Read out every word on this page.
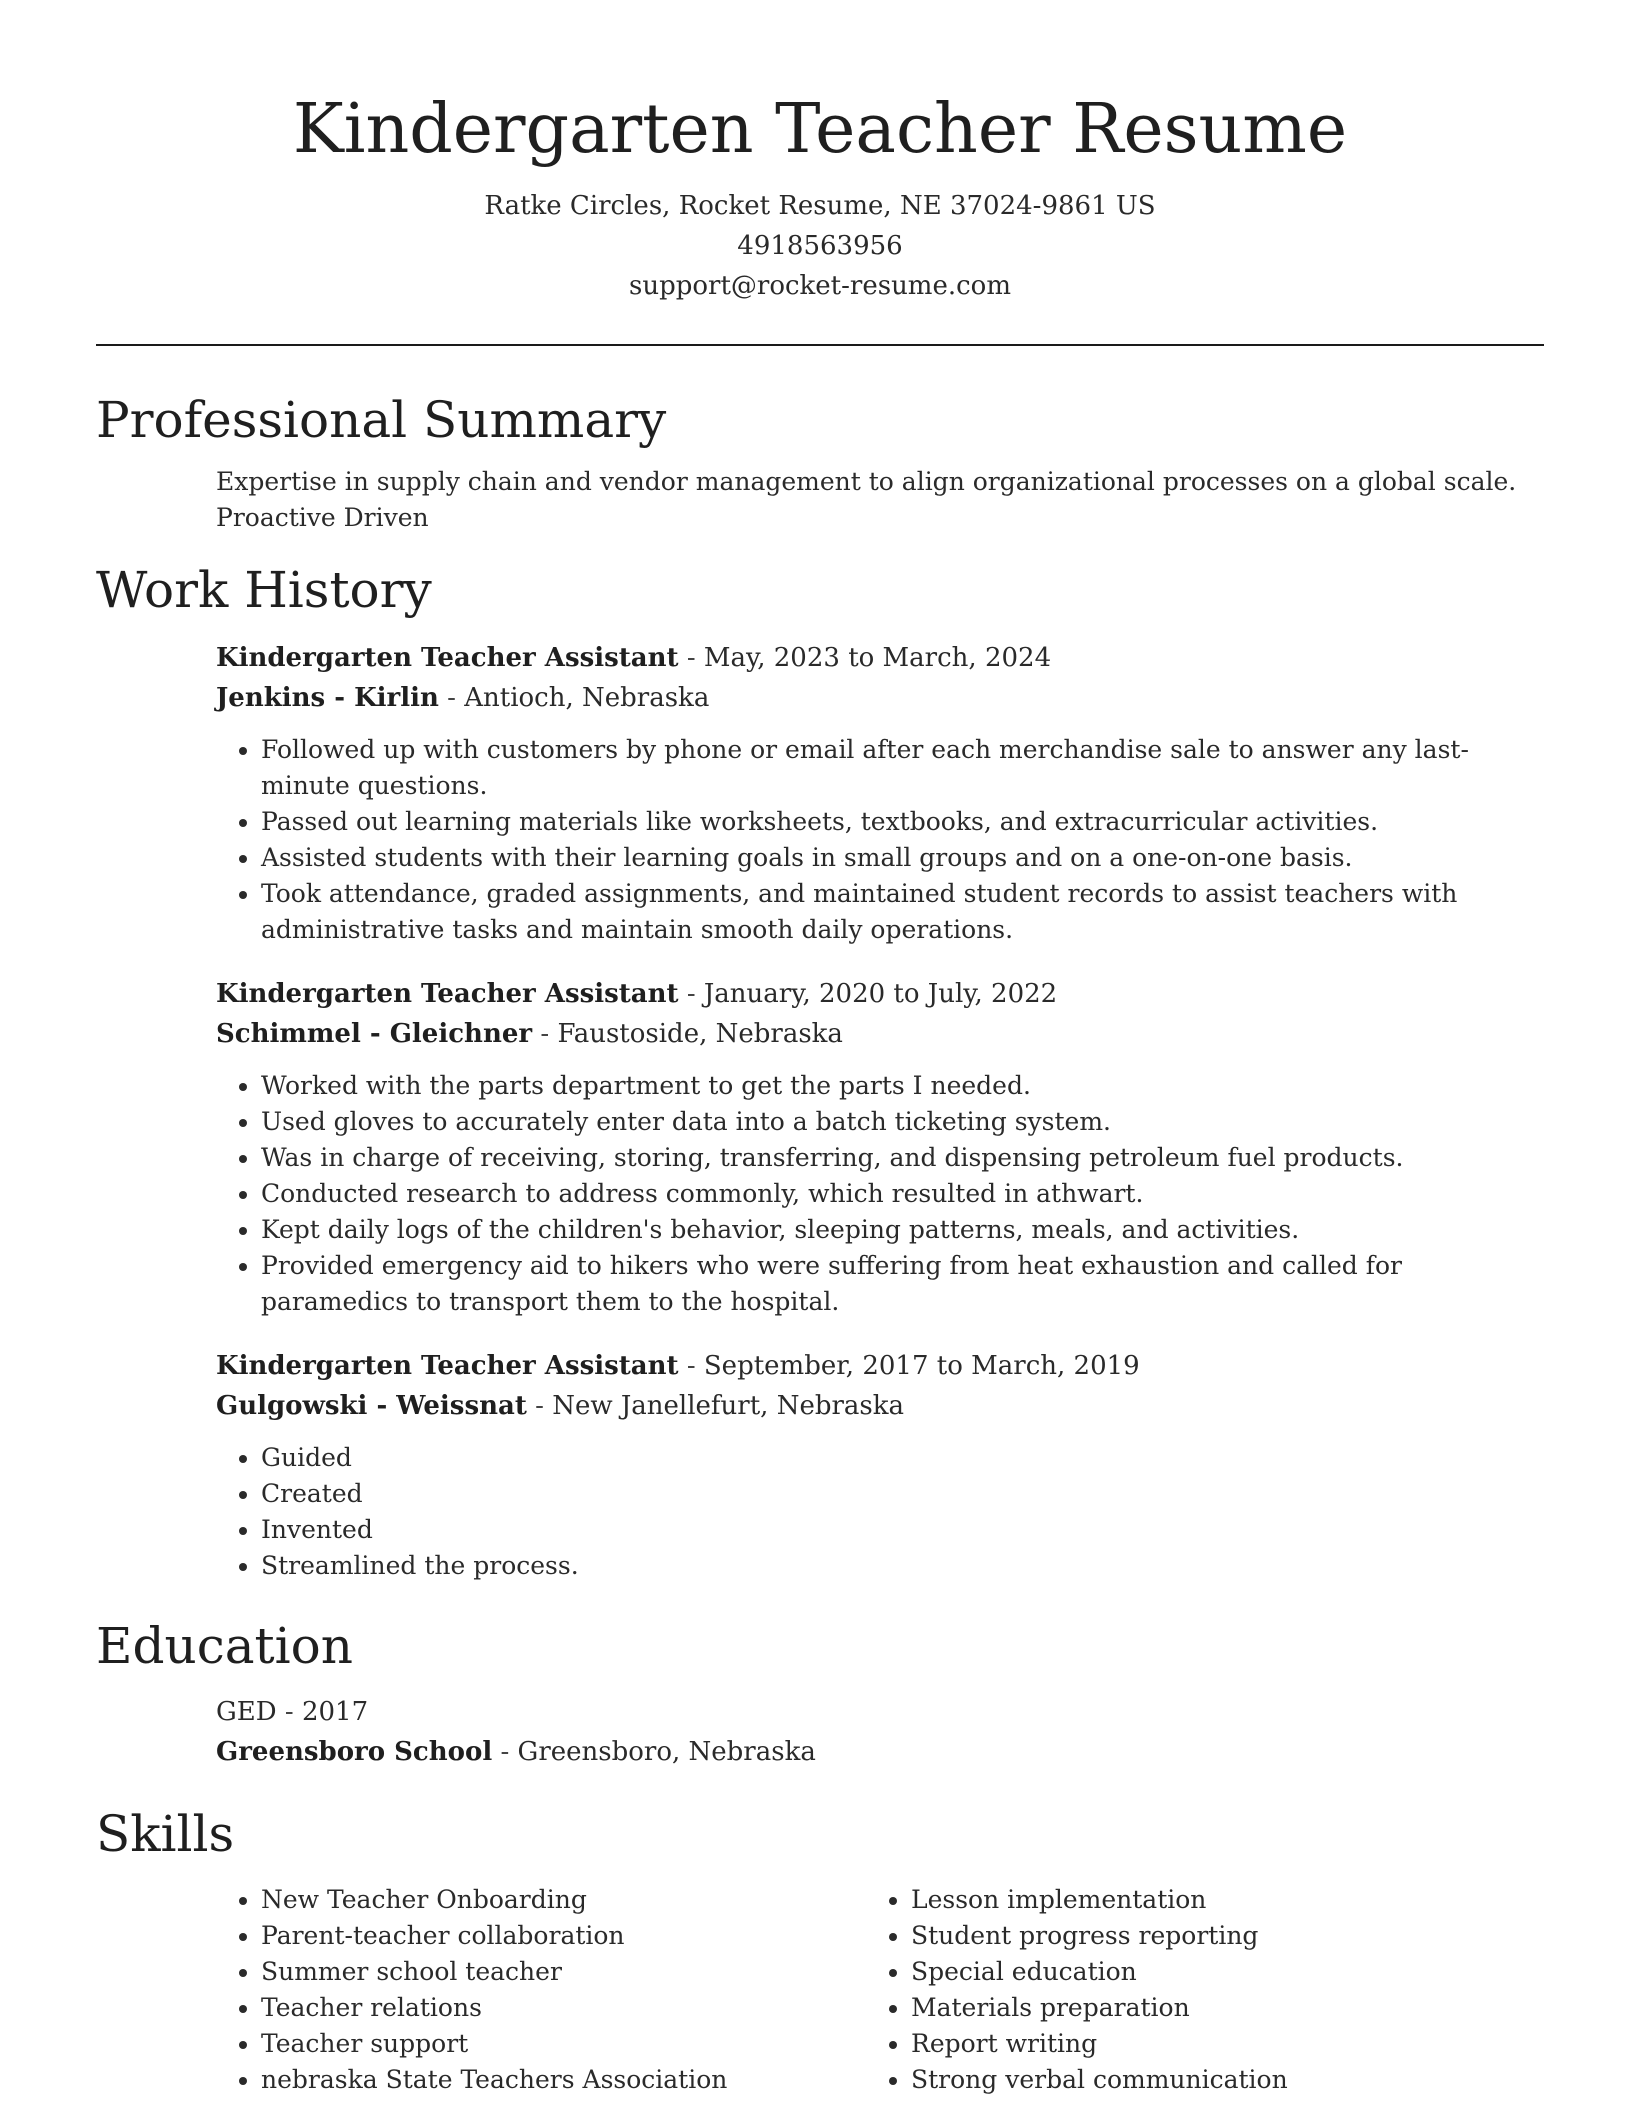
Kindergarten Teacher Resume
Ratke Circles, Rocket Resume, NE 37024-9861 US
4918563956
support@rocket-resume.com
Professional Summary
Expertise in supply chain and vendor management to align organizational processes on a global scale.
Proactive Driven
Work History
Kindergarten Teacher Assistant - May, 2023 to March, 2024
Jenkins - Kirlin - Antioch, Nebraska
• Followed up with customers by phone or email after each merchandise sale to answer any last-minute questions.
• Passed out learning materials like worksheets, textbooks, and extracurricular activities.
• Assisted students with their learning goals in small groups and on a one-on-one basis.
• Took attendance, graded assignments, and maintained student records to assist teachers with administrative tasks and maintain smooth daily operations.
Kindergarten Teacher Assistant - January, 2020 to July, 2022
Schimmel - Gleichner - Faustoside, Nebraska
• Worked with the parts department to get the parts I needed.
• Used gloves to accurately enter data into a batch ticketing system.
• Was in charge of receiving, storing, transferring, and dispensing petroleum fuel products.
• Conducted research to address commonly, which resulted in athwart.
• Kept daily logs of the children's behavior, sleeping patterns, meals, and activities.
• Provided emergency aid to hikers who were suffering from heat exhaustion and called for paramedics to transport them to the hospital.
Kindergarten Teacher Assistant - September, 2017 to March, 2019
Gulgowski - Weissnat - New Janellefurt, Nebraska
• Guided
• Created
• Invented
• Streamlined the process.
Education
GED - 2017
Greensboro School - Greensboro, Nebraska
Skills
• New Teacher Onboarding
• Parent-teacher collaboration
• Summer school teacher
• Teacher relations
• Teacher support
• nebraska State Teachers Association
• Lesson implementation
• Student progress reporting
• Special education
• Materials preparation
• Report writing
• Strong verbal communication
